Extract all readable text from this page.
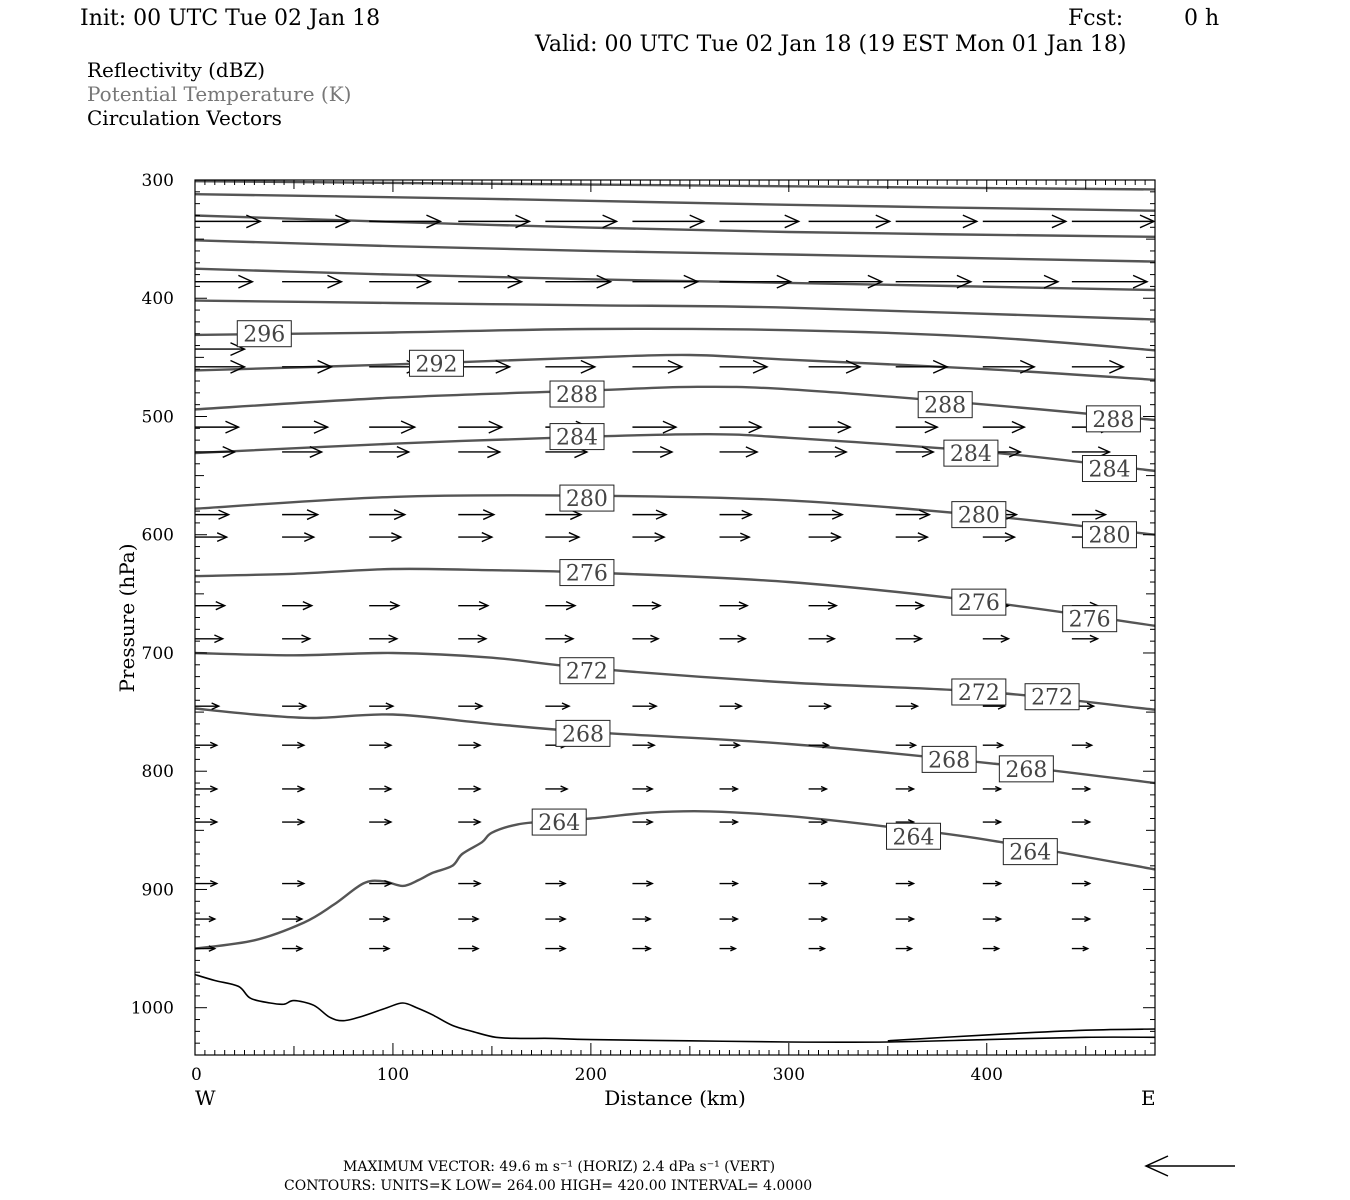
Init: 00 UTC Tue 02 Jan 18	Fcst:	0 h
Valid: 00 UTC Tue 02 Jan 18 (19 EST Mon 01 Jan 18)
Reflectivity (dBZ)
Potential Temperature (K)
Circulation Vectors
296
292
288	288
288
284
284
284
280
280
280
276
276
276
272
272 272
268
268 268
264
264
264
0	100	200	300	400
300
400
500
600
700
800
900
1000
Distance (km)
Pressure (hPa)
W	E
MAXIMUM VECTOR: 49.6 m s⁻¹ (HORIZ) 2.4 dPa s⁻¹ (VERT)
CONTOURS: UNITS=K LOW= 264.00 HIGH= 420.00 INTERVAL= 4.0000
